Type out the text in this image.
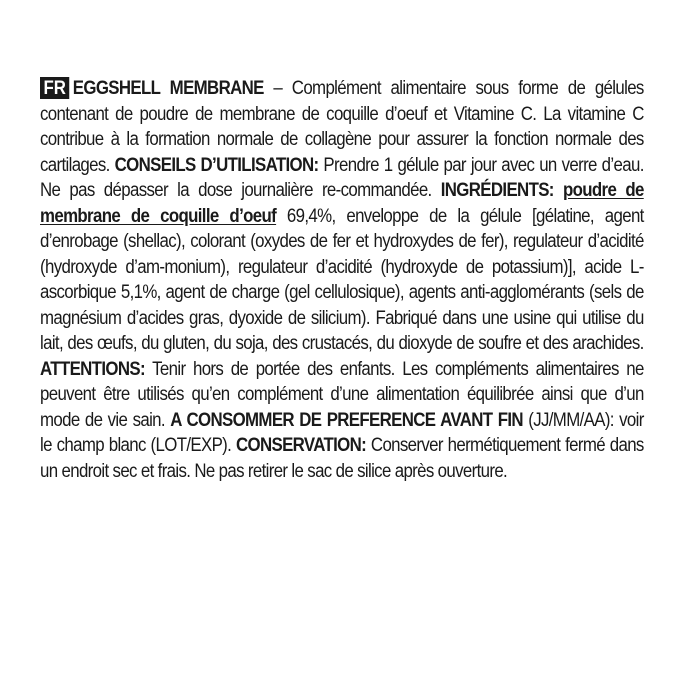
FR EGGSHELL MEMBRANE – Complément alimentaire sous forme de gélules contenant de poudre de membrane de coquille d’oeuf et Vitamine C. La vitamine C contribue à la formation normale de collagène pour assurer la fonction normale des cartilages. CONSEILS D’UTILISATION: Prendre 1 gélule par jour avec un verre d’eau. Ne pas dépasser la dose journalière re-commandée. INGRÉDIENTS: poudre de membrane de coquille d’oeuf 69,4%, enveloppe de la gélule [gélatine, agent d’enrobage (shellac), colorant (oxydes de fer et hydroxydes de fer), regulateur d’acidité (hydroxyde d’am-monium), regulateur d’acidité (hydroxyde de potassium)], acide L-ascorbique 5,1%, agent de charge (gel cellulosique), agents anti-agglomérants (sels de magnésium d’acides gras, dyoxide de silicium). Fabriqué dans une usine qui utilise du lait, des œufs, du gluten, du soja, des crustacés, du dioxyde de soufre et des arachides. ATTENTIONS: Tenir hors de portée des enfants. Les compléments alimentaires ne peuvent être utilisés qu’en complément d’une alimentation équilibrée ainsi que d’un mode de vie sain. A CONSOMMER DE PREFERENCE AVANT FIN (JJ/MM/AA): voir le champ blanc (LOT/EXP). CONSERVATION: Conserver hermétiquement fermé dans un endroit sec et frais. Ne pas retirer le sac de silice après ouverture.
